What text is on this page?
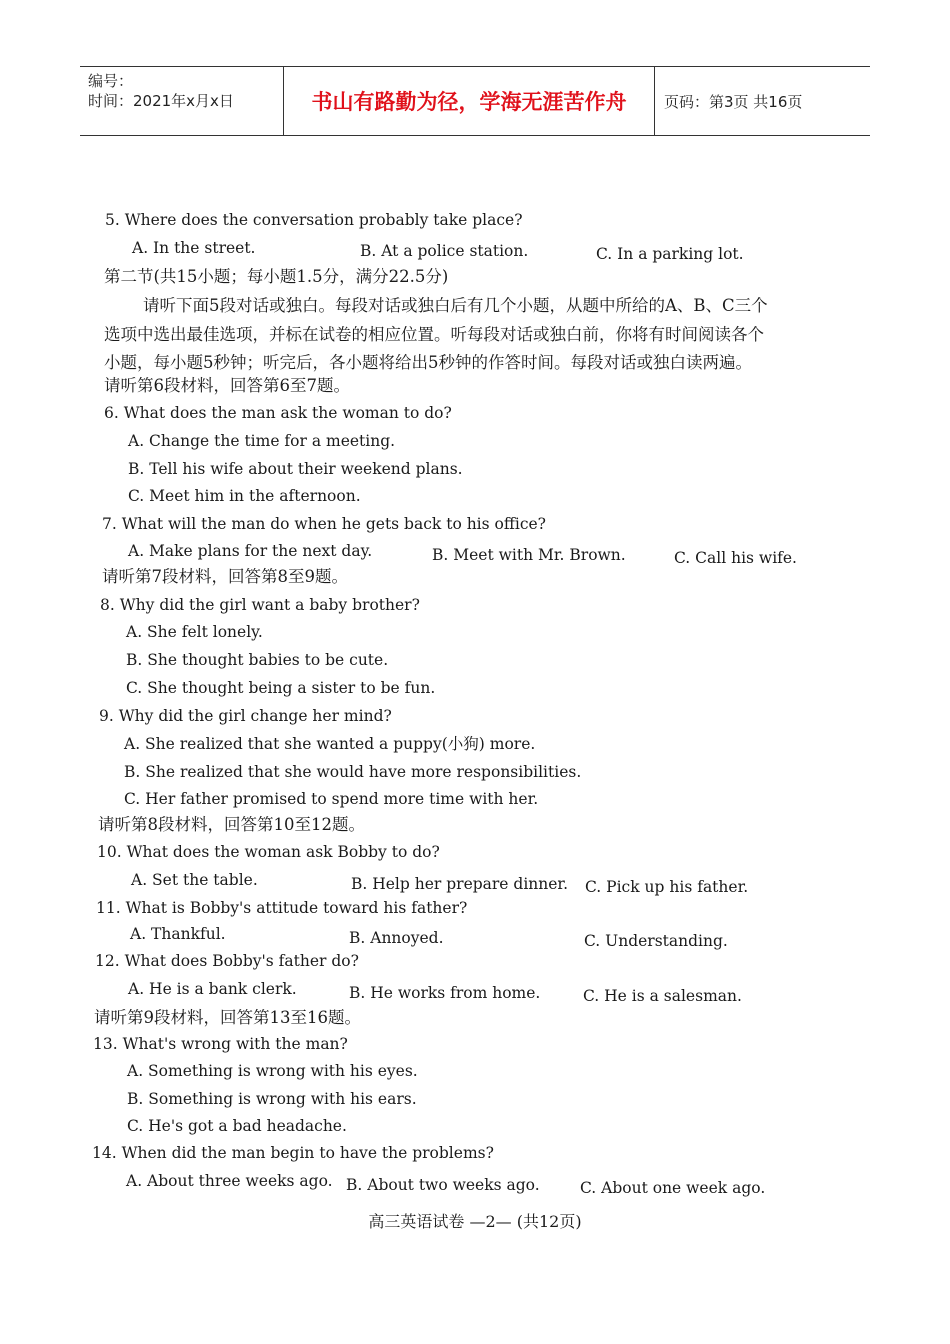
编号：
时间：2021年x月x日	书山有路勤为径，学海无涯苦作舟	页码：第3页 共16页
5. Where does the conversation probably take place?
A. In the street.	B. At a police station.	C. In a parking lot.
第二节(共15小题；每小题1.5分，满分22.5分)
请听下面5段对话或独白。每段对话或独白后有几个小题，从题中所给的A、B、C三个
选项中选出最佳选项，并标在试卷的相应位置。听每段对话或独白前，你将有时间阅读各个
小题，每小题5秒钟；听完后，各小题将给出5秒钟的作答时间。每段对话或独白读两遍。
请听第6段材料，回答第6至7题。
6. What does the man ask the woman to do?
A. Change the time for a meeting.
B. Tell his wife about their weekend plans.
C. Meet him in the afternoon.
7. What will the man do when he gets back to his office?
A. Make plans for the next day.	B. Meet with Mr. Brown.	C. Call his wife.
请听第7段材料，回答第8至9题。
8. Why did the girl want a baby brother?
A. She felt lonely.
B. She thought babies to be cute.
C. She thought being a sister to be fun.
9. Why did the girl change her mind?
A. She realized that she wanted a puppy(小狗) more.
B. She realized that she would have more responsibilities.
C. Her father promised to spend more time with her.
请听第8段材料，回答第10至12题。
10. What does the woman ask Bobby to do?
A. Set the table.	B. Help her prepare dinner. C. Pick up his father.
11. What is Bobby's attitude toward his father?
A. Thankful.	B. Annoyed.	C. Understanding.
12. What does Bobby's father do?
A. He is a bank clerk.	B. He works from home.	C. He is a salesman.
请听第9段材料，回答第13至16题。
13. What's wrong with the man?
A. Something is wrong with his eyes.
B. Something is wrong with his ears.
C. He's got a bad headache.
14. When did the man begin to have the problems?
A. About three weeks ago. B. About two weeks ago.	C. About one week ago.
高三英语试卷 —2— (共12页)
